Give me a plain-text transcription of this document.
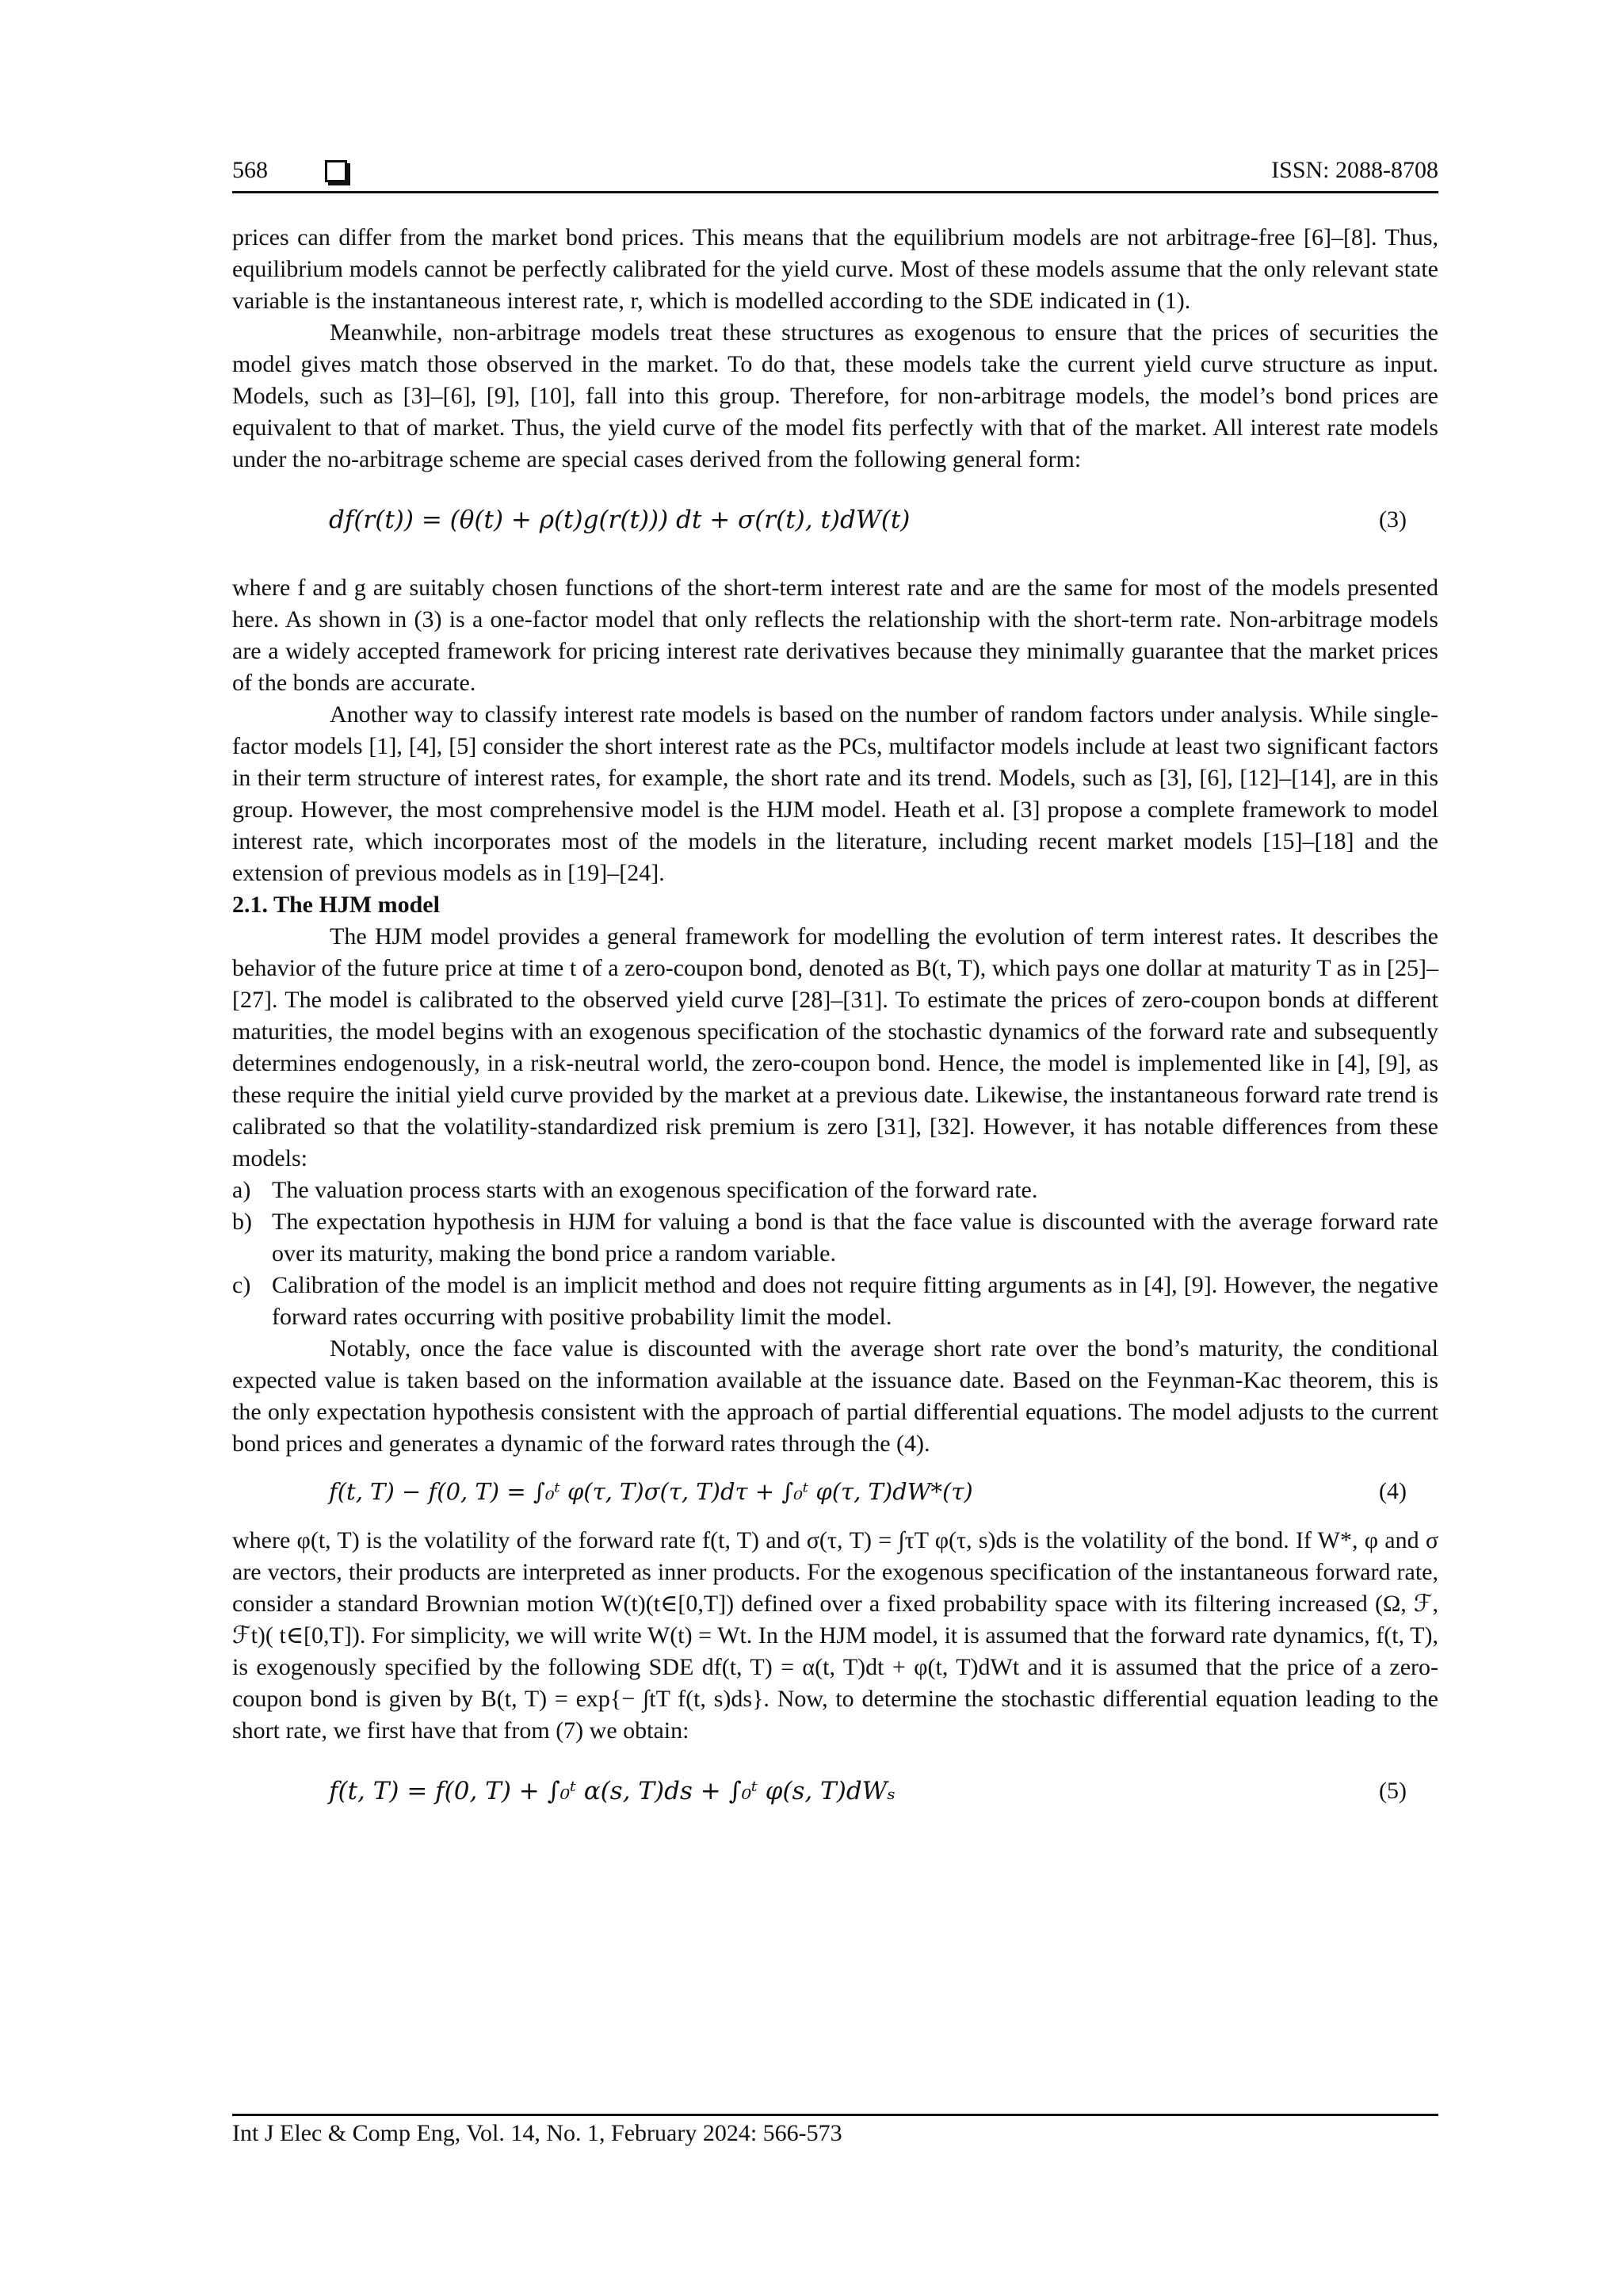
568	ISSN: 2088-8708

prices can differ from the market bond prices. This means that the equilibrium models are not arbitrage-free [6]–[8]. Thus, equilibrium models cannot be perfectly calibrated for the yield curve. Most of these models assume that the only relevant state variable is the instantaneous interest rate, r, which is modelled according to the SDE indicated in (1).

Meanwhile, non-arbitrage models treat these structures as exogenous to ensure that the prices of securities the model gives match those observed in the market. To do that, these models take the current yield curve structure as input. Models, such as [3]–[6], [9], [10], fall into this group. Therefore, for non-arbitrage models, the model’s bond prices are equivalent to that of market. Thus, the yield curve of the model fits perfectly with that of the market. All interest rate models under the no-arbitrage scheme are special cases derived from the following general form:

df(r(t)) = (θ(t) + ρ(t)g(r(t))) dt + σ(r(t), t)dW(t)	(3)

where f and g are suitably chosen functions of the short-term interest rate and are the same for most of the models presented here. As shown in (3) is a one-factor model that only reflects the relationship with the short-term rate. Non-arbitrage models are a widely accepted framework for pricing interest rate derivatives because they minimally guarantee that the market prices of the bonds are accurate.

Another way to classify interest rate models is based on the number of random factors under analysis. While single-factor models [1], [4], [5] consider the short interest rate as the PCs, multifactor models include at least two significant factors in their term structure of interest rates, for example, the short rate and its trend. Models, such as [3], [6], [12]–[14], are in this group. However, the most comprehensive model is the HJM model. Heath et al. [3] propose a complete framework to model interest rate, which incorporates most of the models in the literature, including recent market models [15]–[18] and the extension of previous models as in [19]–[24].

2.1. The HJM model

The HJM model provides a general framework for modelling the evolution of term interest rates. It describes the behavior of the future price at time t of a zero-coupon bond, denoted as B(t, T), which pays one dollar at maturity T as in [25]–[27]. The model is calibrated to the observed yield curve [28]–[31]. To estimate the prices of zero-coupon bonds at different maturities, the model begins with an exogenous specification of the stochastic dynamics of the forward rate and subsequently determines endogenously, in a risk-neutral world, the zero-coupon bond. Hence, the model is implemented like in [4], [9], as these require the initial yield curve provided by the market at a previous date. Likewise, the instantaneous forward rate trend is calibrated so that the volatility-standardized risk premium is zero [31], [32]. However, it has notable differences from these models:

a) The valuation process starts with an exogenous specification of the forward rate.
b) The expectation hypothesis in HJM for valuing a bond is that the face value is discounted with the average forward rate over its maturity, making the bond price a random variable.
c) Calibration of the model is an implicit method and does not require fitting arguments as in [4], [9]. However, the negative forward rates occurring with positive probability limit the model.

Notably, once the face value is discounted with the average short rate over the bond’s maturity, the conditional expected value is taken based on the information available at the issuance date. Based on the Feynman-Kac theorem, this is the only expectation hypothesis consistent with the approach of partial differential equations. The model adjusts to the current bond prices and generates a dynamic of the forward rates through the (4).

f(t, T) − f(0, T) = ∫₀ᵗ φ(τ, T)σ(τ, T)dτ + ∫₀ᵗ φ(τ, T)dW*(τ)	(4)

where φ(t, T) is the volatility of the forward rate f(t, T) and σ(τ, T) = ∫τT φ(τ, s)ds is the volatility of the bond. If W*, φ and σ are vectors, their products are interpreted as inner products. For the exogenous specification of the instantaneous forward rate, consider a standard Brownian motion W(t)(t∈[0,T]) defined over a fixed probability space with its filtering increased (Ω, ℱ, ℱt)( t∈[0,T]). For simplicity, we will write W(t) = Wt. In the HJM model, it is assumed that the forward rate dynamics, f(t, T), is exogenously specified by the following SDE df(t, T) = α(t, T)dt + φ(t, T)dWt and it is assumed that the price of a zero-coupon bond is given by B(t, T) = exp{− ∫tT f(t, s)ds}. Now, to determine the stochastic differential equation leading to the short rate, we first have that from (7) we obtain:

f(t, T) = f(0, T) + ∫₀ᵗ α(s, T)ds + ∫₀ᵗ φ(s, T)dWₛ	(5)
Int J Elec & Comp Eng, Vol. 14, No. 1, February 2024: 566-573
